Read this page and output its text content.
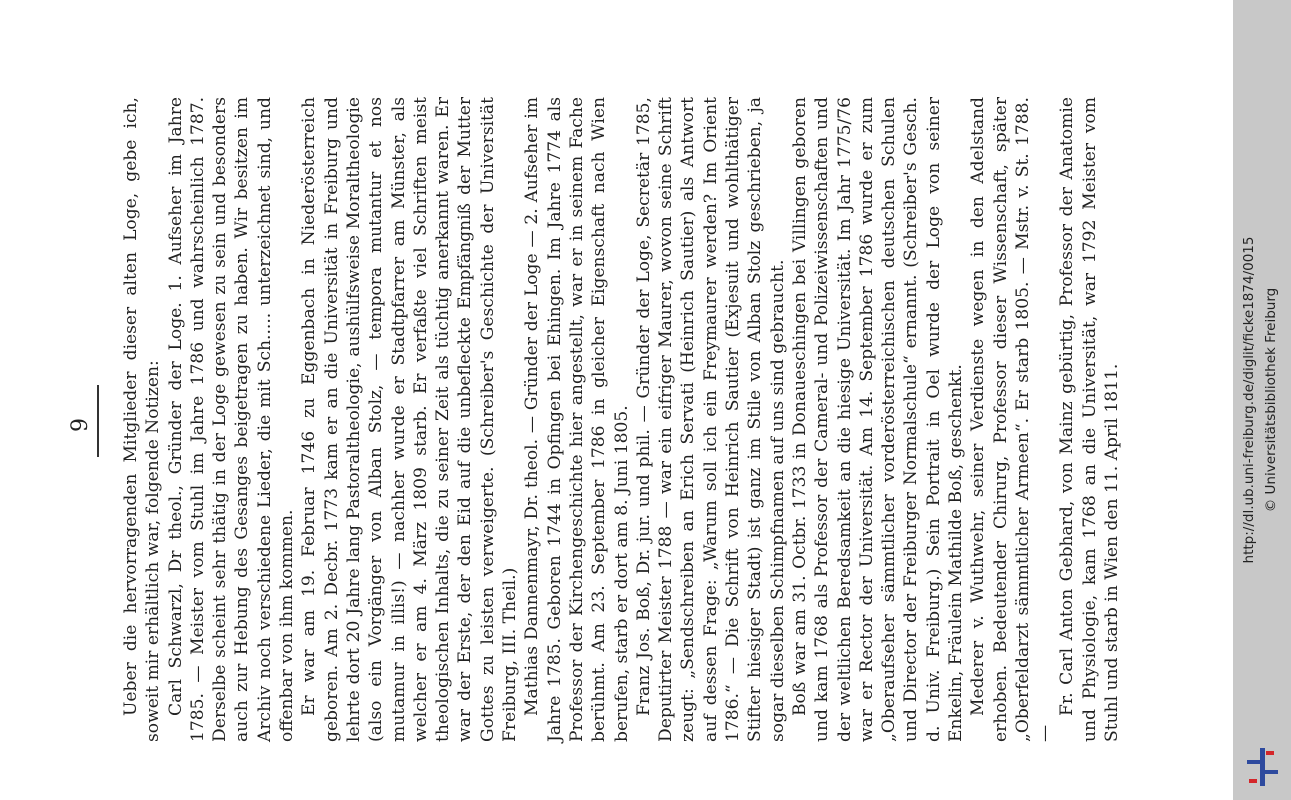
9 Ueber die hervorragenden Mitglieder dieser alten Loge, gebe ich, soweit mir erhältlich war, folgende Notizen: Carl Schwarzl, Dr theol., Gründer der Loge. 1. Aufseher im Jahre 1785. — Meister vom Stuhl im Jahre 1786 und wahrscheinlich 1787. Derselbe scheint sehr thätig in der Loge gewesen zu sein und besonders auch zur Hebung des Gesanges beigetragen zu haben. Wir besitzen im Archiv noch verschiedene Lieder, die mit Sch..... unterzeichnet sind, und offenbar von ihm kommen. Er war am 19. Februar 1746 zu Eggenbach in Niederösterreich geboren. Am 2. Decbr. 1773 kam er an die Universität in Freiburg und lehrte dort 20 Jahre lang Pastoraltheologie, aushülfsweise Moraltheologie (also ein Vorgänger von Alban Stolz, — tempora mutantur et nos mutamur in illis!) — nachher wurde er Stadtpfarrer am Münster, als welcher er am 4. März 1809 starb. Er verfaßte viel Schriften meist theologischen Inhalts, die zu seiner Zeit als tüchtig anerkannt waren. Er war der Erste, der den Eid auf die unbefleckte Empfängniß der Mutter Gottes zu leisten verweigerte. (Schreiber's Geschichte der Universität Freiburg, III. Theil.) Mathias Dannenmayr, Dr. theol. — Gründer der Loge — 2. Aufseher im Jahre 1785. Geboren 1744 in Opfingen bei Ehingen. Im Jahre 1774 als Professor der Kirchengeschichte hier angestellt, war er in seinem Fache berühmt. Am 23. September 1786 in gleicher Eigenschaft nach Wien berufen, starb er dort am 8. Juni 1805. Franz Jos. Boß, Dr. jur. und phil. — Gründer der Loge, Secretär 1785, Deputirter Meister 1788 — war ein eifriger Maurer, wovon seine Schrift zeugt: „Sendschreiben an Erich Servati (Heinrich Sautier) als Antwort auf dessen Frage: „Warum soll ich ein Freymaurer werden? Im Orient 1786.“ — Die Schrift von Heinrich Sautier (Exjesuit und wohlthätiger Stifter hiesiger Stadt) ist ganz im Stile von Alban Stolz geschrieben, ja sogar dieselben Schimpfnamen auf uns sind gebraucht. Boß war am 31. Octbr. 1733 in Donaueschingen bei Villingen geboren und kam 1768 als Professor der Cameral- und Polizeiwissenschaften und der weltlichen Beredsamkeit an die hiesige Universität. Im Jahr 1775/76 war er Rector der Universität. Am 14. September 1786 wurde er zum „Oberaufseher sämmtlicher vorderösterreichischen deutschen Schulen und Director der Freiburger Normalschule“ ernannt. (Schreiber's Gesch. d. Univ. Freiburg.) Sein Portrait in Oel wurde der Loge von seiner Enkelin, Fräulein Mathilde Boß, geschenkt. Mederer v. Wuthwehr, seiner Verdienste wegen in den Adelstand erhoben. Bedeutender Chirurg, Professor dieser Wissenschaft, später „Oberfeldarzt sämmtlicher Armeen“. Er starb 1805. — Mstr. v. St. 1788. —

Fr. Carl Anton Gebhard, von Mainz gebürtig, Professor der Anatomie und Physiologie, kam 1768 an die Universität, war 1792 Meister vom Stuhl und starb in Wien den 11. April 1811.	http://dl.ub.uni-freiburg.de/diglit/ficke1874/0015 © Universitätsbibliothek Freiburg
